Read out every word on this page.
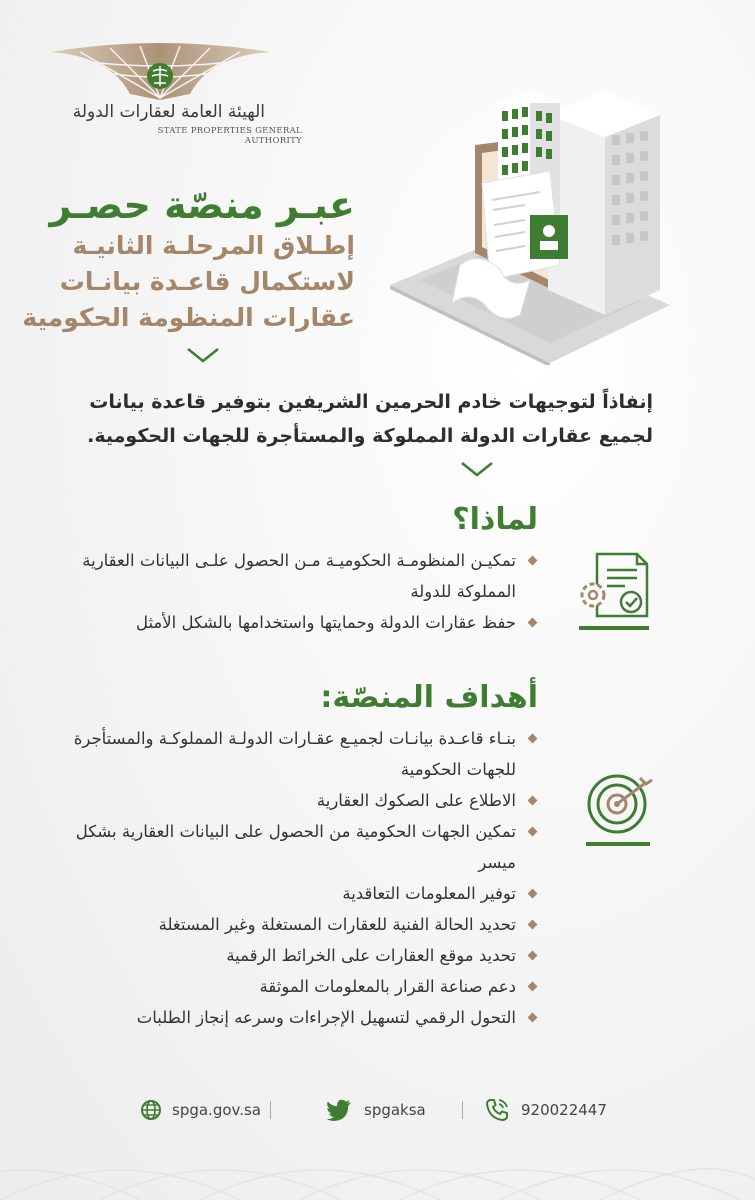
الهيئة العامة لعقارات الدولة
STATE PROPERTIES GENERAL AUTHORITY

عبـر منصّة حصـر

إطـلاق المرحلـة الثانيـة

لاستكمال قاعـدة بيانـات

عقارات المنظومة الحكومية

إنفاذاً لتوجيهات خادم الحرمين الشريفين بتوفير قاعدة بيانات لجميع عقارات الدولة المملوكة والمستأجرة للجهات الحكومية.
لماذا؟
تمكيـن المنظومـة الحكوميـة مـن الحصول علـى البيانات العقارية المملوكة للدولة
حفظ عقارات الدولة وحمايتها واستخدامها بالشكل الأمثل
أهداف المنصّة:
بنـاء قاعـدة بيانـات لجميـع عقـارات الدولـة المملوكـة والمستأجرة للجهات الحكومية
الاطلاع على الصكوك العقارية
تمكين الجهات الحكومية من الحصول على البيانات العقارية بشكل ميسر
توفير المعلومات التعاقدية
تحديد الحالة الفنية للعقارات المستغلة وغير المستغلة
تحديد موقع العقارات على الخرائط الرقمية
دعم صناعة القرار بالمعلومات الموثقة
التحول الرقمي لتسهيل الإجراءات وسرعه إنجاز الطلبات
spga.gov.sa	spgaksa	920022447
